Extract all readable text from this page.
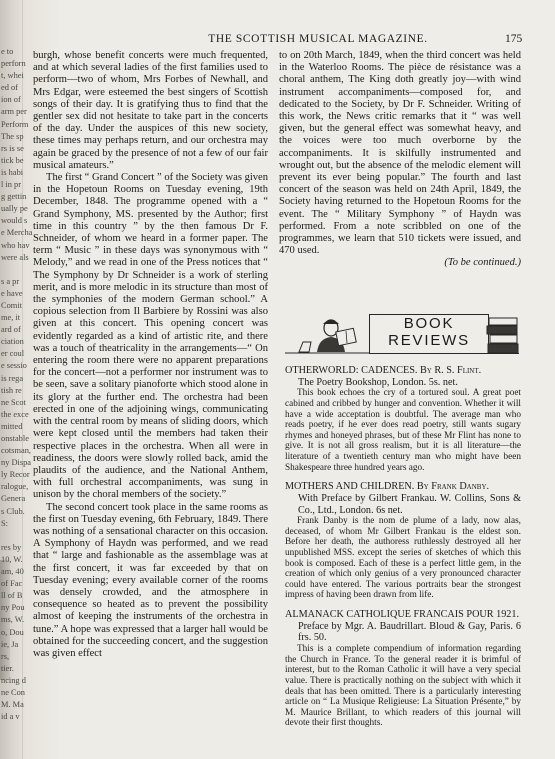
e to
perforn
t, whei
ed of
ion of
arm per
Perform
The sp
rs is se
tick be
is habi
l in pr
g gettin
ually pe
would s
e Mercha
who hav
were als
s a pr
e have
Comit
me, it
ard of
ciation
er coul
e sessio
is rega
tish re
ne Scot
the exce
mitted
onstable
cotsman,
ny Dispa
ly Recor
ralogue,
Genera
s Club.
S:
res by
10, W.
am, 40
of Fac
ll of B
ny Pou
ms, W.
o, Dou
ie, Ja
rs,
tier.
ncing d
ne Con
M. Ma
id a v
THE SCOTTISH MUSICAL MAGAZINE.	175

burgh, whose benefit concerts were much frequented, and at which several ladies of the first families used to perform—two of whom, Mrs Forbes of Newhall, and Mrs Edgar, were esteemed the best singers of Scottish songs of their day. It is gratifying thus to find that the gentler sex did not hesitate to take part in the concerts of the day. Under the auspices of this new society, these times may perhaps return, and our orchestra may again be graced by the presence of not a few of our fair musical amateurs.”

The first “ Grand Concert ” of the Society was given in the Hopetoun Rooms on Tuesday evening, 19th December, 1848. The programme opened with a “ Grand Symphony, MS. presented by the Author; first time in this country ” by the then famous Dr F. Schneider, of whom we heard in a former paper. The term “ Music ” in these days was synonymous with “ Melody,” and we read in one of the Press notices that “ The Symphony by Dr Schneider is a work of sterling merit, and is more melodic in its structure than most of the symphonies of the modern German school.” A copious selection from Il Barbiere by Rossini was also given at this concert. This opening concert was evidently regarded as a kind of artistic rite, and there was a touch of theatricality in the arrangements—“ On entering the room there were no apparent preparations for the concert—not a performer nor instrument was to be seen, save a solitary pianoforte which stood alone in its glory at the further end. The orchestra had been erected in one of the adjoining wings, communicating with the central room by means of sliding doors, which were kept closed until the members had taken their respective places in the orchestra. When all were in readiness, the doors were slowly rolled back, amid the plaudits of the audience, and the National Anthem, with full orchestral accompaniments, was sung in unison by the choral members of the society.”

The second concert took place in the same rooms as the first on Tuesday evening, 6th February, 1849. There was nothing of a sensational character on this occasion. A Symphony of Haydn was performed, and we read that “ large and fashionable as the assemblage was at the first concert, it was far exceeded by that on Tuesday evening; every available corner of the rooms was densely crowded, and the atmosphere in consequence so heated as to prevent the possibility almost of keeping the instruments of the orchestra in tune.” A hope was expressed that a larger hall would be obtained for the succeeding concert, and the suggestion was given effect

to on 20th March, 1849, when the third concert was held in the Waterloo Rooms. The pièce de résistance was a choral anthem, The King doth greatly joy—with wind instrument accompaniments—composed for, and dedicated to the Society, by Dr F. Schneider. Writing of this work, the News critic remarks that it “ was well given, but the general effect was somewhat heavy, and the voices were too much overborne by the accompaniments. It is skilfully instrumented and wrought out, but the absence of the melodic element will prevent its ever being popular.” The fourth and last concert of the season was held on 24th April, 1849, the Society having returned to the Hopetoun Rooms for the event. The “ Military Symphony ” of Haydn was performed. From a note scribbled on one of the programmes, we learn that 510 tickets were issued, and 470 used.

(To be continued.)

BOOK
REVIEWS
OTHERWORLD: CADENCES. By R. S. Flint.
The Poetry Bookshop, London. 5s. net.

This book echoes the cry of a tortured soul. A great poet cabined and cribbed by hunger and convention. Whether it will have a wide acceptation is doubtful. The average man who reads poetry, if he ever does read poetry, still wants sugary rhymes and honeyed phrases, but of these Mr Flint has none to give. It is not all gross realism, but it is all literature—the literature of a twentieth century man who might have been Shakespeare three hundred years ago.

MOTHERS AND CHILDREN. By Frank Danby.
With Preface by Gilbert Frankau. W. Collins, Sons & Co., Ltd., London. 6s net.

Frank Danby is the nom de plume of a lady, now alas, deceased, of whom Mr Gilbert Frankau is the eldest son. Before her death, the authoress ruthlessly destroyed all her unpublished MSS. except the series of sketches of which this book is composed. Each of these is a perfect little gem, in the creation of which only genius of a very pronounced character could have entered. The various portraits bear the strongest impress of having been drawn from life.

ALMANACK CATHOLIQUE FRANCAIS POUR 1921.
Preface by Mgr. A. Baudrillart. Bloud & Gay, Paris. 6 frs. 50.

This is a complete compendium of information regarding the Church in France. To the general reader it is brimful of interest, but to the Roman Catholic it will have a very special value. There is practically nothing on the subject with which it deals that has been omitted. There is a particularly interesting article on “ La Musique Religieuse: La Situation Présente,” by M. Maurice Brillant, to which readers of this journal will devote their first thoughts.
